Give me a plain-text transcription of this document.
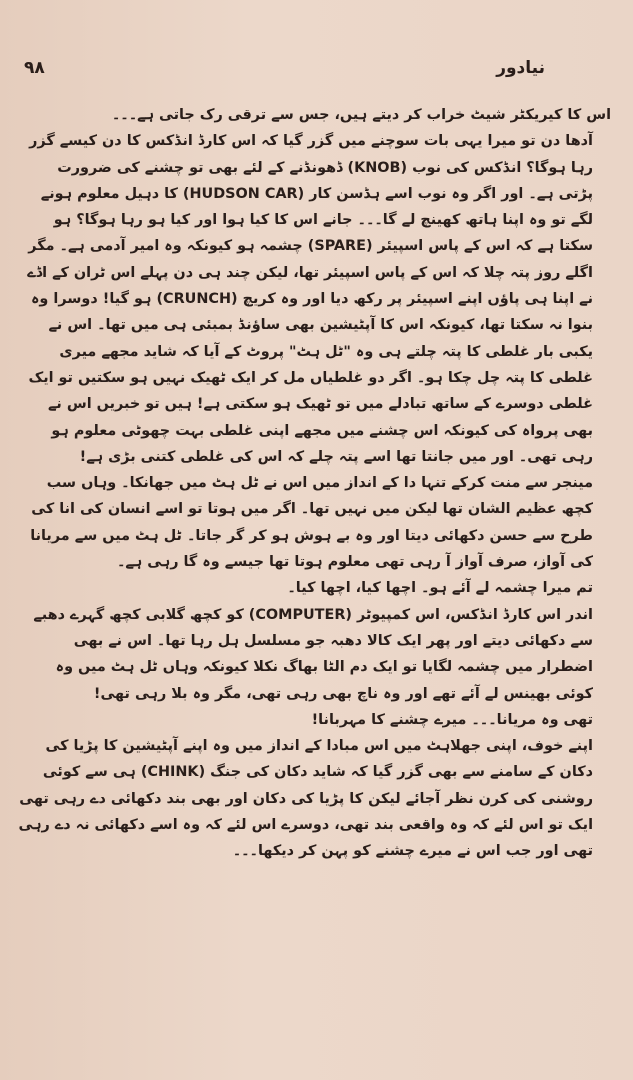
۹۸	نیادور

اس کا کیریکٹر شیٹ خراب کر دیتے ہیں، جس سے ترقی رک جاتی ہے۔۔۔

آدھا دن تو میرا یہی بات سوچنے میں گزر گیا کہ اس کارڈ انڈکس کا دن کیسے گزر رہا ہوگا؟ انڈکس کی نوب (KNOB) ڈھونڈنے کے لئے بھی تو چشنے کی ضرورت پڑتی ہے۔ اور اگر وہ نوب اسے ہڈسن کار (HUDSON CAR) کا دہیل معلوم ہونے لگے تو وہ اپنا ہاتھ کھینچ لے گا۔۔۔ جانے اس کا کیا ہوا اور کیا ہو رہا ہوگا؟ ہو سکتا ہے کہ اس کے پاس اسپیئر (SPARE) چشمہ ہو کیونکہ وہ امیر آدمی ہے۔ مگر اگلے روز پتہ چلا کہ اس کے پاس اسپیئر تھا، لیکن چند ہی دن پہلے اس ٹران کے اڈے نے اپنا ہی پاؤں اپنے اسپیئر پر رکھ دیا اور وہ کریچ (CRUNCH) ہو گیا! دوسرا وہ بنوا نہ سکتا تھا، کیونکہ اس کا آپٹیشین بھی ساؤنڈ بمبئی ہی میں تھا۔ اس نے یکبی بار غلطی کا پتہ چلتے ہی وہ "ٹل ہٹ" پروٹ کے آیا کہ شاید مجھے میری غلطی کا پتہ چل چکا ہو۔ اگر دو غلطیاں مل کر ایک ٹھیک نہیں ہو سکتیں تو ایک غلطی دوسرے کے ساتھ تبادلے میں تو ٹھیک ہو سکتی ہے! ہیں تو خبریں اس نے بھی پرواہ کی کیونکہ اس چشنے میں مجھے اپنی غلطی بہت چھوٹی معلوم ہو رہی تھی۔ اور میں جانتا تھا اسے پتہ چلے کہ اس کی غلطی کتنی بڑی ہے!

مینجر سے منت کرکے تنہا دا کے انداز میں اس نے ٹل ہٹ میں جھانکا۔ وہاں سب کچھ عظیم الشان تھا لیکن میں نہیں تھا۔ اگر میں ہوتا تو اسے انسان کی انا کی طرح سے حسن دکھائی دیتا اور وہ بے ہوش ہو کر گر جاتا۔ ٹل ہٹ میں سے مریانا کی آواز، صرف آواز آ رہی تھی معلوم ہوتا تھا جیسے وہ گا رہی ہے۔

تم میرا چشمہ لے آئے ہو۔ اچھا کیا، اچھا کیا۔

اندر اس کارڈ انڈکس، اس کمپیوٹر (COMPUTER) کو کچھ گلابی کچھ گہرے دھبے سے دکھائی دیتے اور پھر ایک کالا دھبہ جو مسلسل ہل رہا تھا۔ اس نے بھی اضطرار میں چشمہ لگایا تو ایک دم الٹا بھاگ نکلا کیونکہ وہاں ٹل ہٹ میں وہ کوئی بھینس لے آئے تھے اور وہ ناچ بھی رہی تھی، مگر وہ بلا رہی تھی!

تھی وہ مریانا۔۔۔ میرے چشنے کا مہربانا!

اپنے خوف، اپنی جھلاہٹ میں اس مبادا کے انداز میں وہ اپنے آپٹیشین کا پڑیا کی دکان کے سامنے سے بھی گزر گیا کہ شاید دکان کی جنگ (CHINK) ہی سے کوئی روشنی کی کرن نظر آجائے لیکن کا پڑیا کی دکان اور بھی بند دکھائی دے رہی تھی ایک تو اس لئے کہ وہ واقعی بند تھی، دوسرے اس لئے کہ وہ اسے دکھائی نہ دے رہی تھی اور جب اس نے میرے چشنے کو پہن کر دیکھا۔۔۔
